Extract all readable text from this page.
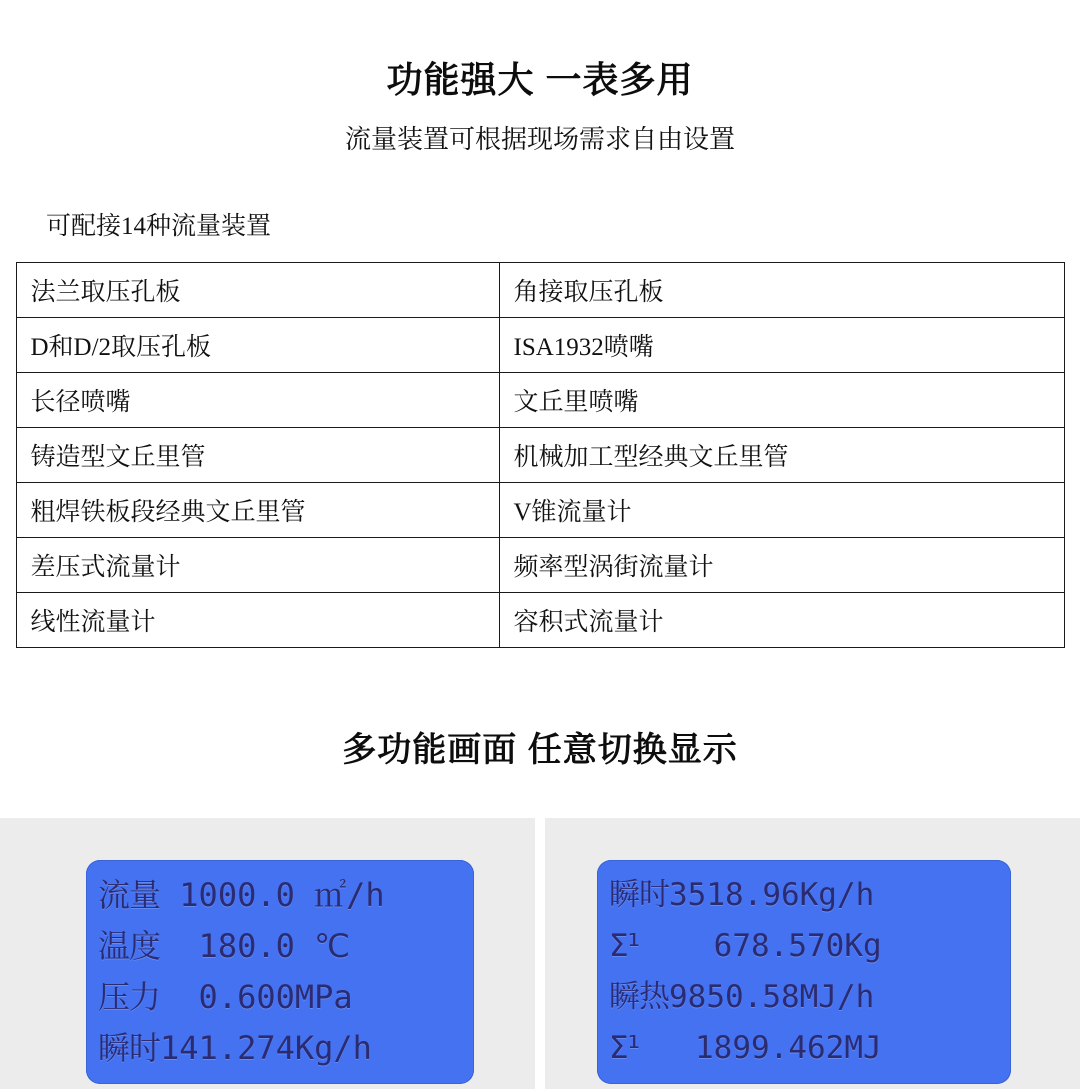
功能强大 一表多用
流量装置可根据现场需求自由设置

可配接14种流量装置

法兰取压孔板	角接取压孔板
D和D/2取压孔板	ISA1932喷嘴
长径喷嘴	文丘里喷嘴
铸造型文丘里管	机械加工型经典文丘里管
粗焊铁板段经典文丘里管	V锥流量计
差压式流量计	频率型涡街流量计
线性流量计	容积式流量计
多功能画面 任意切换显示
流量 1000.0 ㎡/h
温度  180.0 ℃
压力  0.600MPa
瞬时141.274Kg/h
瞬时3518.96Kg/h
Σ¹    678.570Kg
瞬热9850.58MJ/h
Σ¹   1899.462MJ
